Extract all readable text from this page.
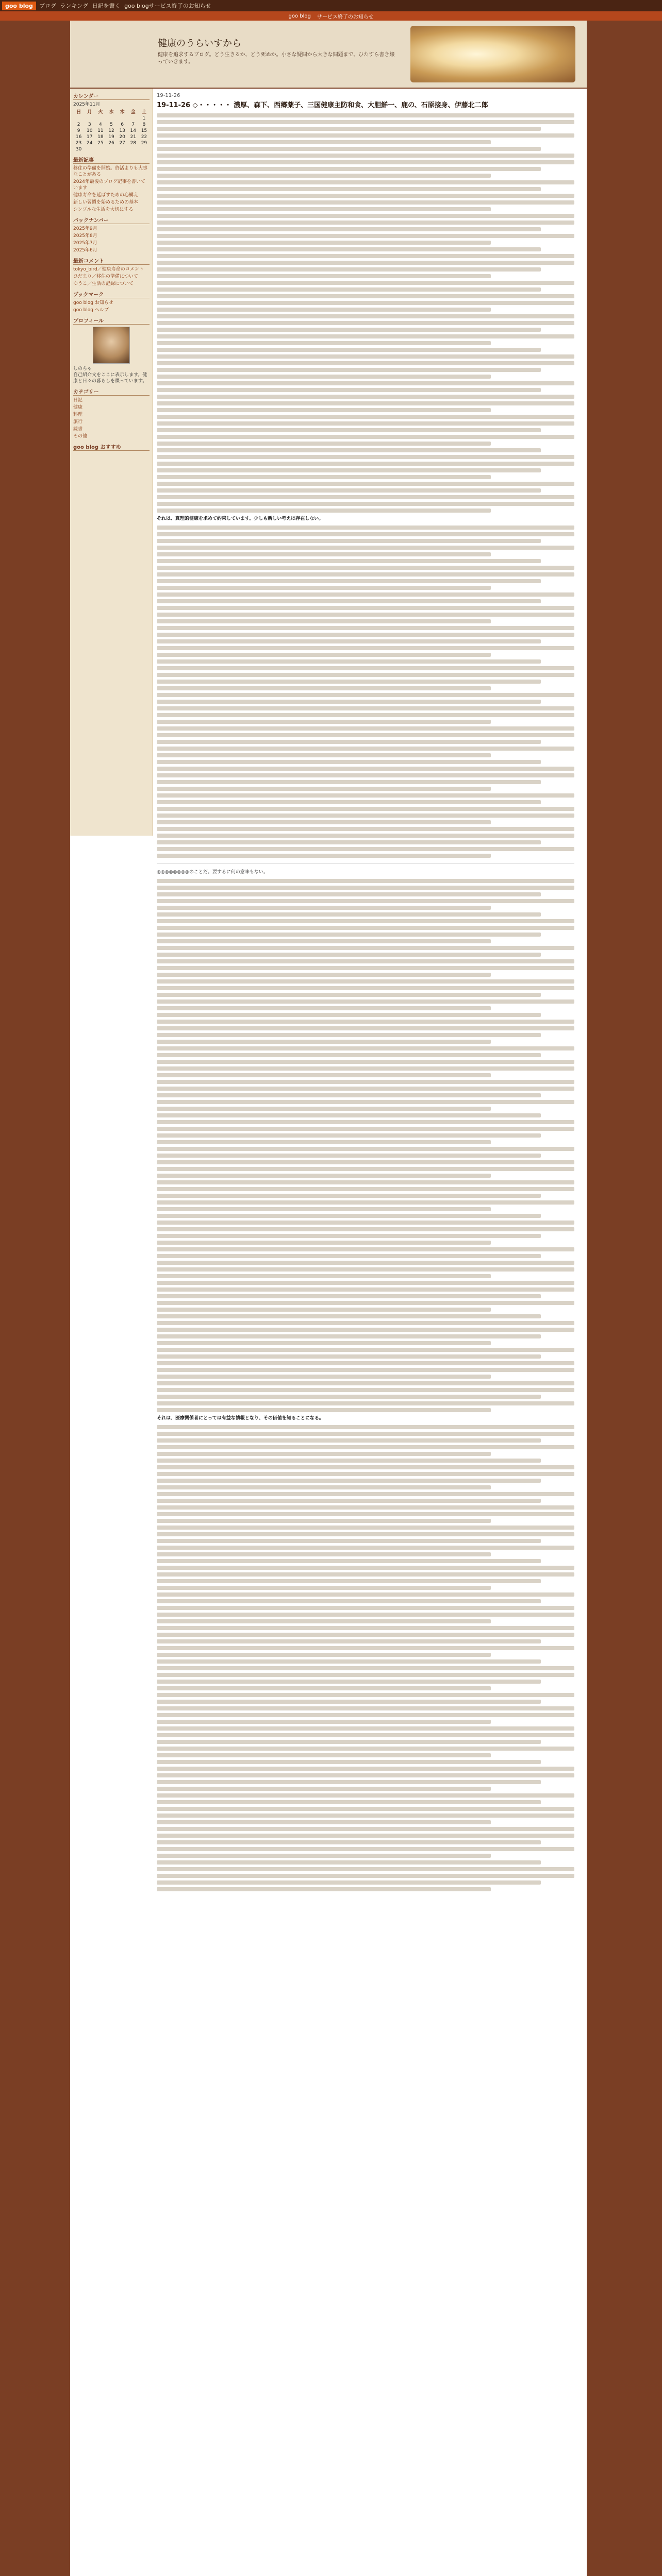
goo blog	ブログ ランキング 日記を書く goo blogサービス終了のお知らせ
goo blog サービス終了のお知らせ
健康のうらいすから
健康を追求するブログ。どう生きるか、どう死ぬか。小さな疑問から大きな問題まで、ひたすら書き綴っていきます。
カレンダー
2025年11月
日	月	火	水	木	金	土
						1
2	3	4	5	6	7	8
9	10	11	12	13	14	15
16	17	18	19	20	21	22
23	24	25	26	27	28	29
30						
最新記事
移住の準備を開始。終活よりも大事なことがある
2024年最後のブログ記事を書いています
健康寿命を延ばすための心構え
新しい習慣を始めるための基本
シンプルな生活を大切にする
バックナンバー
2025年9月
2025年8月
2025年7月
2025年6月
最新コメント
tokyo_bird／健康寿命のコメント
ひだまり／移住の準備について
ゆうこ／生活の記録について
ブックマーク
goo blog お知らせ
goo blog ヘルプ
プロフィール
しのちゃ
自己紹介文をここに表示します。健康と日々の暮らしを綴っています。
カテゴリー
日記
健康
料理
旅行
読書
その他
goo blog おすすめ
19-11-26
19-11-26 ◇・・・・・ 濃厚、森下、西郷薬子、三国健康主防和食、大胆鮮一、鹿の、石原接身、伊藤北二郎
それは、真理的健康を求めて約束しています。少しも新しい考えは存在しない。
◎◎◎◎◎◎◎◎のことだ。要するに何の意味もない。
それは、医療関係者にとっては有益な情報となり、その価値を知ることになる。
